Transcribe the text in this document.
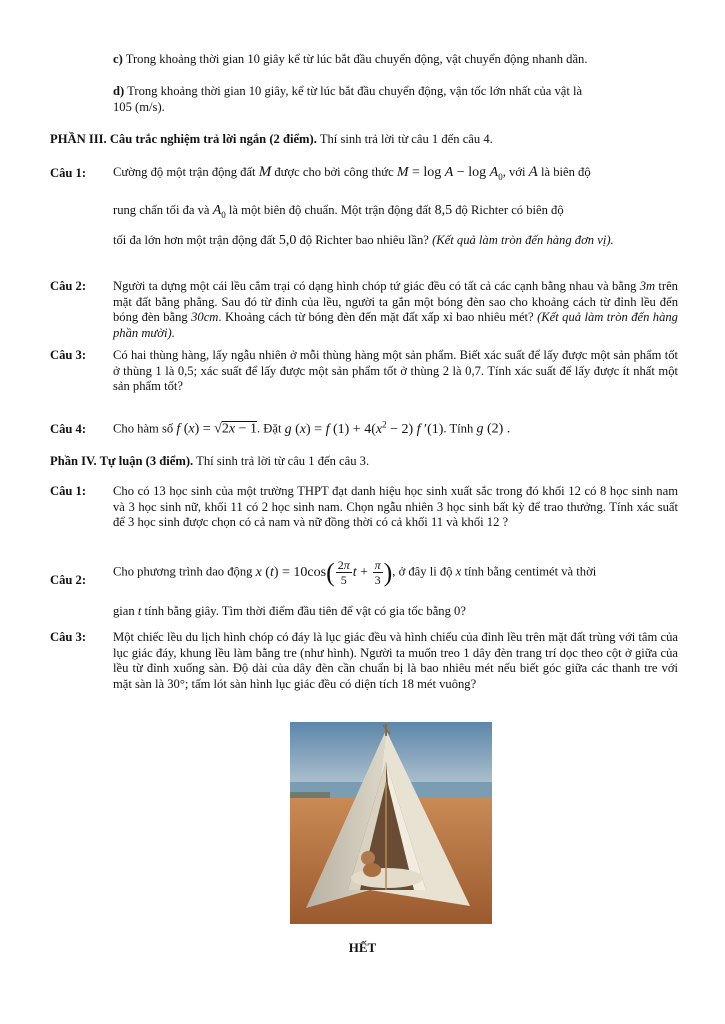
c) Trong khoảng thời gian 10 giây kể từ lúc bắt đầu chuyển động, vật chuyển động nhanh dần.
d) Trong khoảng thời gian 10 giây, kể từ lúc bắt đầu chuyển động, vận tốc lớn nhất của vật là
105 (m/s).
PHẦN III. Câu trắc nghiệm trả lời ngắn (2 điểm). Thí sinh trả lời từ câu 1 đến câu 4.
Câu 1: Cường độ một trận động đất M được cho bởi công thức $M = \log A - \log A_0$, với A là biên độ
rung chấn tối đa và $A_0$ là một biên độ chuẩn. Một trận động đất 8,5 độ Richter có biên độ
tối đa lớn hơn một trận động đất 5,0 độ Richter bao nhiêu lần? (Kết quả làm tròn đến hàng đơn vị).
Câu 2: Người ta dựng một cái lều cắm trại có dạng hình chóp tứ giác đều có tất cả các cạnh bằng nhau và bằng 3m trên mặt đất bằng phẳng. Sau đó từ đỉnh của lều, người ta gắn một bóng đèn sao cho khoảng cách từ đỉnh lều đến bóng đèn bằng 30cm. Khoảng cách từ bóng đèn đến mặt đất xấp xỉ bao nhiêu mét? (Kết quả làm tròn đến hàng phần mười).
Câu 3: Có hai thùng hàng, lấy ngẫu nhiên ở mỗi thùng hàng một sản phẩm. Biết xác suất để lấy được một sản phẩm tốt ở thùng 1 là 0,5; xác suất để lấy được một sản phẩm tốt ở thùng 2 là 0,7. Tính xác suất để lấy được ít nhất một sản phẩm tốt?
Câu 4: Cho hàm số f (x) = √2x − 1. Đặt g (x) = f $(1) + 4(x^2 - 2)$ f ′(1). Tính g (2) .
Phần IV. Tự luận (3 điểm). Thí sinh trả lời từ câu 1 đến câu 3.
Câu 1: Cho có 13 học sinh của một trường THPT đạt danh hiệu học sinh xuất sắc trong đó khối 12 có 8 học sinh nam và 3 học sinh nữ, khối 11 có 2 học sinh nam. Chọn ngẫu nhiên 3 học sinh bất kỳ để trao thưởng. Tính xác suất để 3 học sinh được chọn có cả nam và nữ đồng thời có cả khối 11 và khối 12 ?
Câu 2:
Cho phương trình dao động x $(t) = 10\cos( \frac{2\pi}{5}$ $t + \frac{\pi}{3}$ ), ở đây li độ x tính bằng centimét và thời
gian t tính bằng giây. Tìm thời điểm đầu tiên để vật có gia tốc bằng 0?
Câu 3: Một chiếc lều du lịch hình chóp có đáy là lục giác đều và hình chiếu của đỉnh lều trên mặt đất trùng với tâm của lục giác đáy, khung lều làm bằng tre (như hình). Người ta muốn treo 1 dây đèn trang trí dọc theo cột ở giữa của lều từ đỉnh xuống sàn. Độ dài của dây đèn cần chuẩn bị là bao nhiêu mét nếu biết góc giữa các thanh tre với mặt sàn là 30°; tấm lót sàn hình lục giác đều có diện tích 18 mét vuông?
HẾT
